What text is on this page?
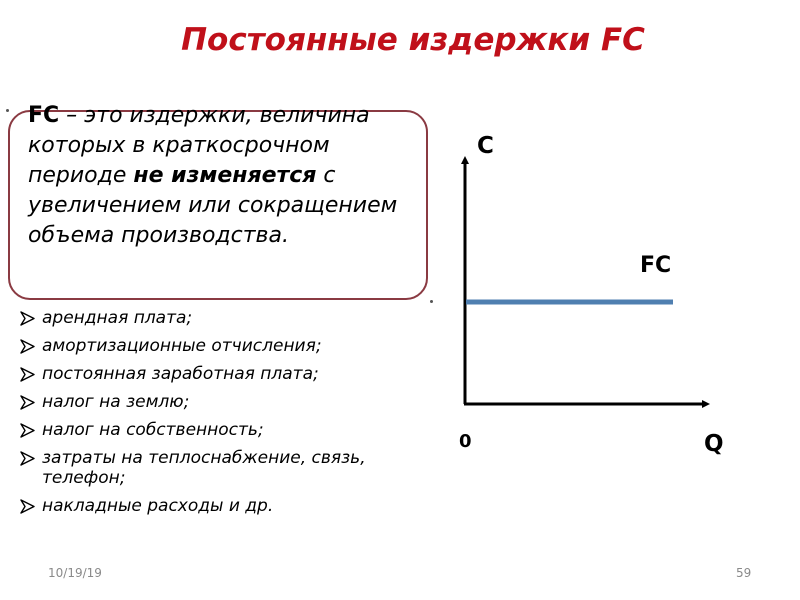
Постоянные издержки FC

FC – это издержки, величина которых в краткосрочном периоде не изменяется с увеличением или сокращением объема производства.

арендная плата;
амортизационные отчисления;
постоянная заработная плата;
налог на землю;
налог на собственность;
затраты на теплоснабжение, связь, телефон;
накладные расходы и др.
С
Q
0
FC
10/19/19	59
